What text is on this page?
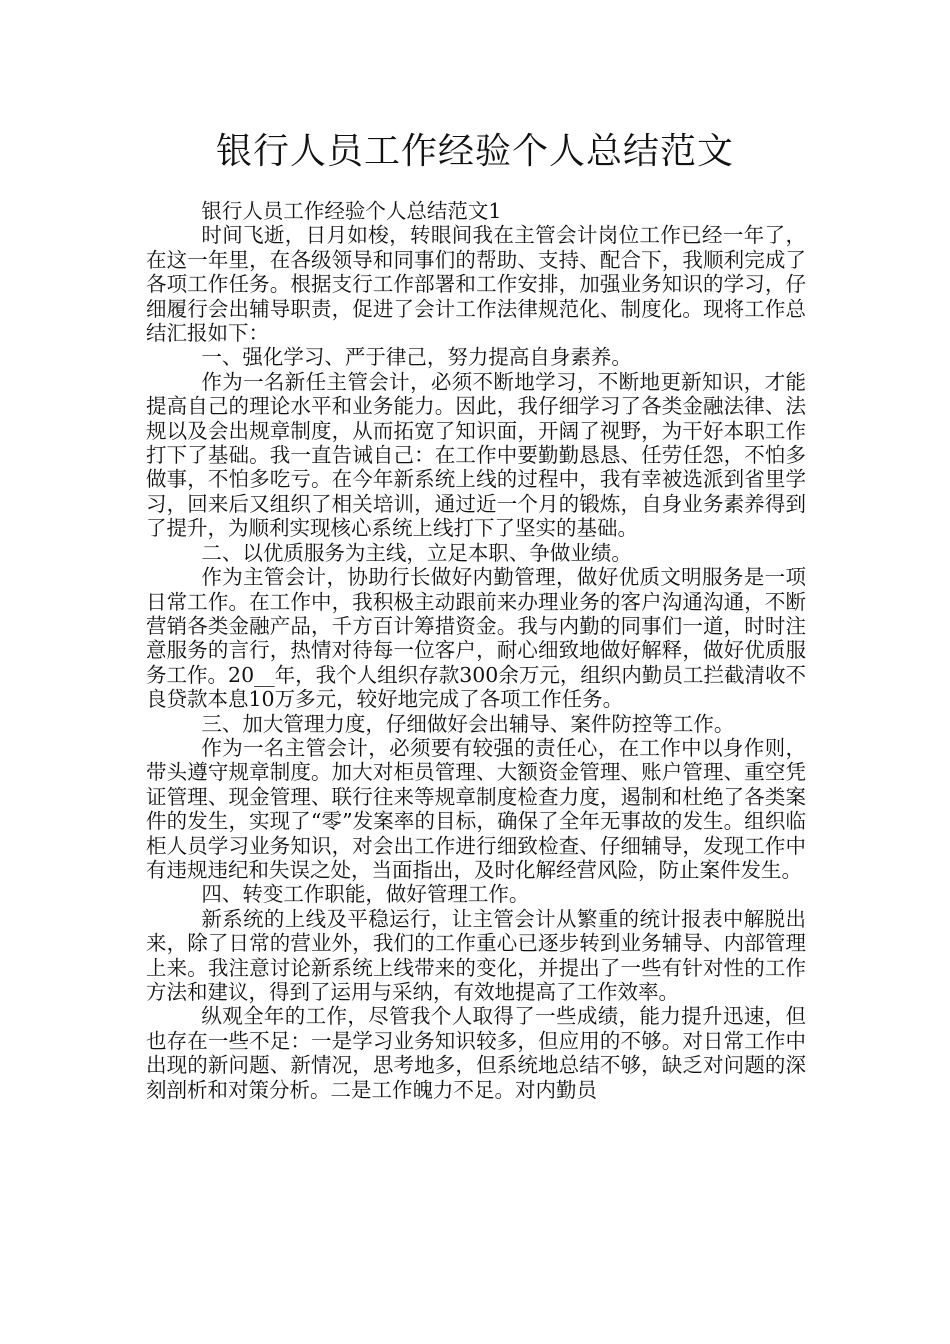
银行人员工作经验个人总结范文

银行人员工作经验个人总结范文1

时间飞逝，日月如梭，转眼间我在主管会计岗位工作已经一年了，在这一年里，在各级领导和同事们的帮助、支持、配合下，我顺利完成了各项工作任务。根据支行工作部署和工作安排，加强业务知识的学习，仔细履行会出辅导职责，促进了会计工作法律规范化、制度化。现将工作总结汇报如下：

一、强化学习、严于律己，努力提高自身素养。

作为一名新任主管会计，必须不断地学习，不断地更新知识，才能提高自己的理论水平和业务能力。因此，我仔细学习了各类金融法律、法规以及会出规章制度，从而拓宽了知识面，开阔了视野，为干好本职工作打下了基础。我一直告诫自己：在工作中要勤勤恳恳、任劳任怨，不怕多做事，不怕多吃亏。在今年新系统上线的过程中，我有幸被选派到省里学习，回来后又组织了相关培训，通过近一个月的锻炼，自身业务素养得到了提升，为顺利实现核心系统上线打下了坚实的基础。

二、以优质服务为主线，立足本职、争做业绩。

作为主管会计，协助行长做好内勤管理，做好优质文明服务是一项日常工作。在工作中，我积极主动跟前来办理业务的客户沟通沟通，不断营销各类金融产品，千方百计筹措资金。我与内勤的同事们一道，时时注意服务的言行，热情对待每一位客户，耐心细致地做好解释，做好优质服务工作。20__年，我个人组织存款300余万元，组织内勤员工拦截清收不良贷款本息10万多元，较好地完成了各项工作任务。

三、加大管理力度，仔细做好会出辅导、案件防控等工作。

作为一名主管会计，必须要有较强的责任心，在工作中以身作则，带头遵守规章制度。加大对柜员管理、大额资金管理、账户管理、重空凭证管理、现金管理、联行往来等规章制度检查力度，遏制和杜绝了各类案件的发生，实现了“零”发案率的目标，确保了全年无事故的发生。组织临柜人员学习业务知识，对会出工作进行细致检查、仔细辅导，发现工作中有违规违纪和失误之处，当面指出，及时化解经营风险，防止案件发生。

四、转变工作职能，做好管理工作。

新系统的上线及平稳运行，让主管会计从繁重的统计报表中解脱出来，除了日常的营业外，我们的工作重心已逐步转到业务辅导、内部管理上来。我注意讨论新系统上线带来的变化，并提出了一些有针对性的工作方法和建议，得到了运用与采纳，有效地提高了工作效率。

纵观全年的工作，尽管我个人取得了一些成绩，能力提升迅速，但也存在一些不足：一是学习业务知识较多，但应用的不够。对日常工作中出现的新问题、新情况，思考地多，但系统地总结不够，缺乏对问题的深刻剖析和对策分析。二是工作魄力不足。对内勤员
